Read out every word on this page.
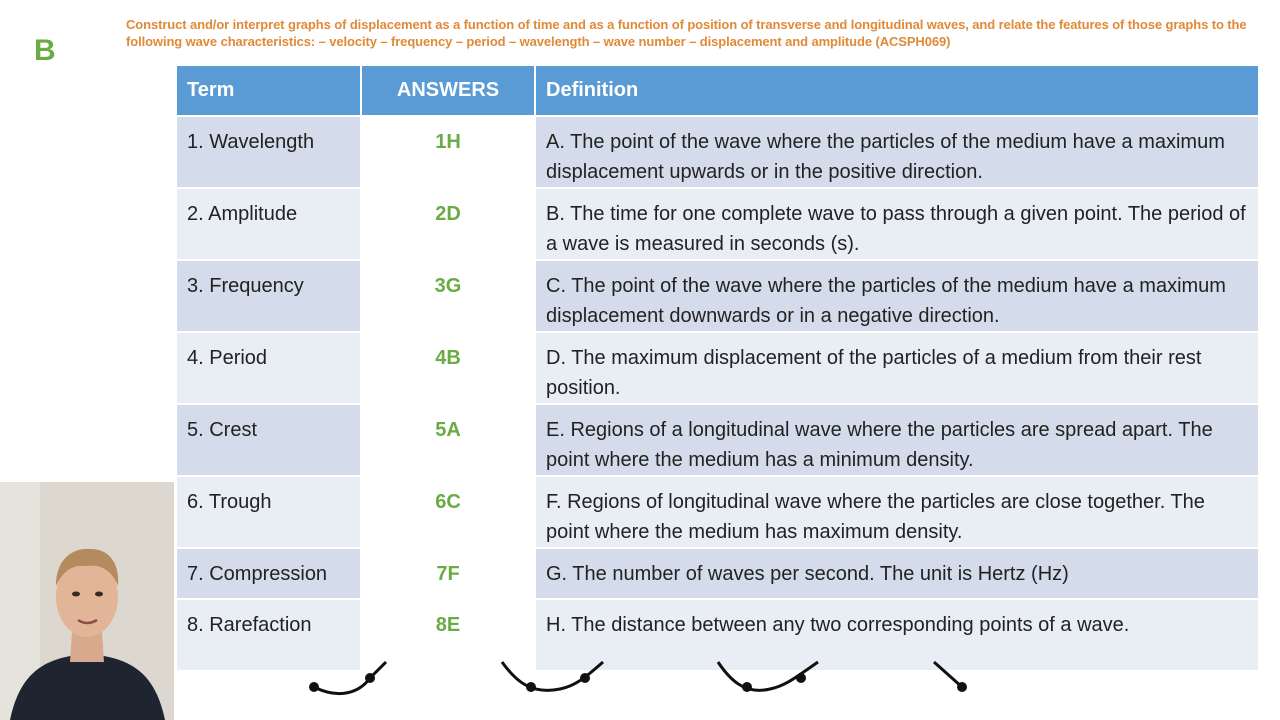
B
Construct and/or interpret graphs of displacement as a function of time and as a function of position of transverse and longitudinal waves, and relate the features of those graphs to the following wave characteristics: – velocity – frequency – period – wavelength – wave number – displacement and amplitude (ACSPH069)
Term	ANSWERS	Definition
1. Wavelength	1H	A. The point of the wave where the particles of the medium have a maximum displacement upwards or in the positive direction.
2. Amplitude	2D	B. The time for one complete wave to pass through a given point. The period of a wave is measured in seconds (s).
3. Frequency	3G	C. The point of the wave where the particles of the medium have a maximum displacement downwards or in a negative direction.
4. Period	4B	D. The maximum displacement of the particles of a medium from their rest position.
5. Crest	5A	E. Regions of a longitudinal wave where the particles are spread apart. The point where the medium has a minimum density.
6. Trough	6C	F. Regions of longitudinal wave where the particles are close together. The point where the medium has maximum density.
7. Compression	7F	G. The number of waves per second. The unit is Hertz (Hz)
8. Rarefaction	8E	H. The distance between any two corresponding points of a wave.
